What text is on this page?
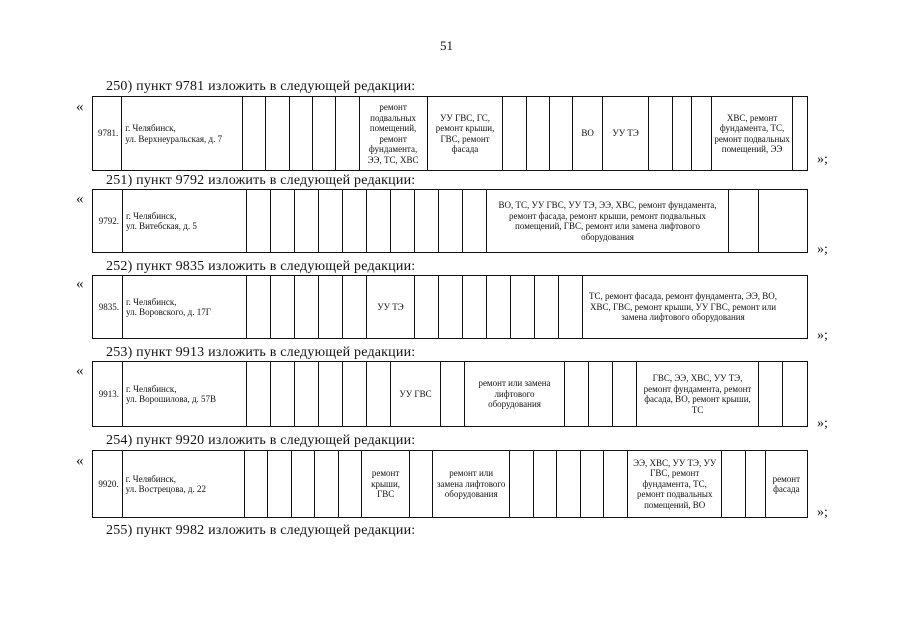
51
250) пункт 9781 изложить в следующей редакции:
«
9781.
г. Челябинск,
ул. Верхнеуральская, д. 7
ремонт подвальных помещений, ремонт фундамента, ЭЭ, ТС, ХВС
УУ ГВС, ГС, ремонт крыши, ГВС, ремонт фасада
ВО	УУ ТЭ
ХВС, ремонт фундамента, ТС, ремонт подвальных помещений, ЭЭ
»;
251) пункт 9792 изложить в следующей редакции:
«
9792.
г. Челябинск,
ул. Витебская, д. 5
ВО, ТС, УУ ГВС, УУ ТЭ, ЭЭ, ХВС, ремонт фундамента, ремонт фасада, ремонт крыши, ремонт подвальных помещений, ГВС, ремонт или замена лифтового оборудования
»;
252) пункт 9835 изложить в следующей редакции:
«
9835.
г. Челябинск,
ул. Воровского, д. 17Г
УУ ТЭ
ТС, ремонт фасада, ремонт фундамента, ЭЭ, ВО, ХВС, ГВС, ремонт крыши, УУ ГВС, ремонт или замена лифтового оборудования
»;
253) пункт 9913 изложить в следующей редакции:
«
9913.
г. Челябинск,
ул. Ворошилова, д. 57В
УУ ГВС
ремонт или замена лифтового оборудования
ГВС, ЭЭ, ХВС, УУ ТЭ, ремонт фундамента, ремонт фасада, ВО, ремонт крыши, ТС
»;
254) пункт 9920 изложить в следующей редакции:
«
9920.
г. Челябинск,
ул. Вострецова, д. 22
ремонт крыши, ГВС
ремонт или замена лифтового оборудования
ЭЭ, ХВС, УУ ТЭ, УУ ГВС, ремонт фундамента, ТС, ремонт подвальных помещений, ВО
ремонт фасада
»;
255) пункт 9982 изложить в следующей редакции:
